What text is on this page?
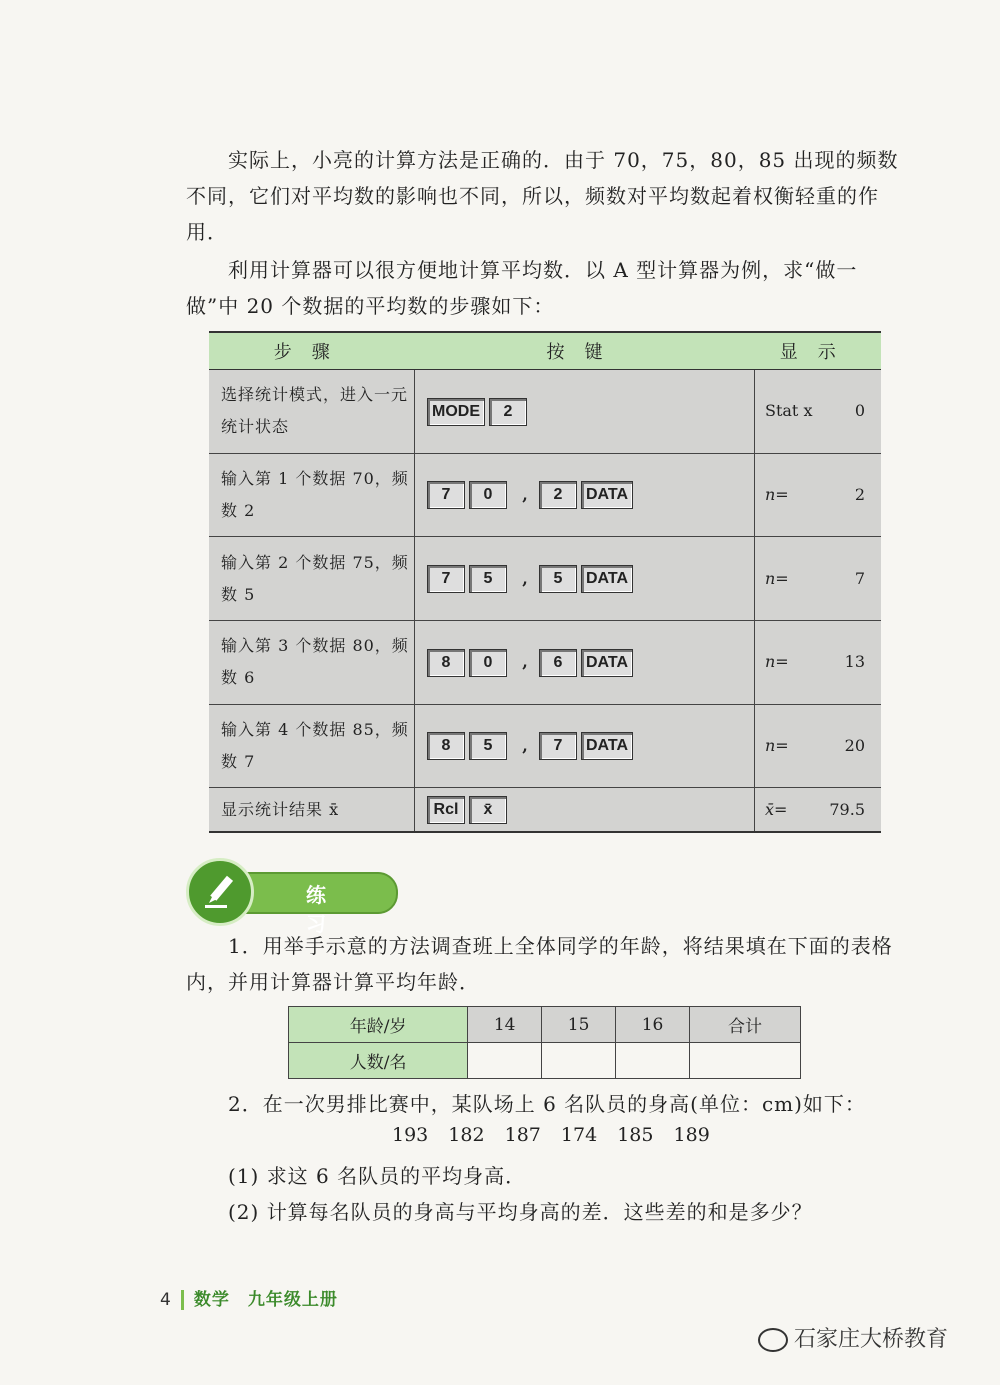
实际上，小亮的计算方法是正确的．由于 70，75，80，85 出现的频数不同，它们对平均数的影响也不同，所以，频数对平均数起着权衡轻重的作用．
利用计算器可以很方便地计算平均数．以 A 型计算器为例，求“做一做”中 20 个数据的平均数的步骤如下：
步骤	按键	显示
选择统计模式，进入一元统计状态	MODE 2	Stat x 0

输入第 1 个数据 70，频数 2	7 0 , 2 DATA	n= 2

输入第 2 个数据 75，频数 5	7 5 , 5 DATA	n= 7

输入第 3 个数据 80，频数 6	8 0 , 6 DATA	n= 13

输入第 4 个数据 85，频数 7	8 5 , 7 DATA	n= 20

显示统计结果 x̄	Rcl x̄	x̄= 79.5
练习
1．用举手示意的方法调查班上全体同学的年龄，将结果填在下面的表格内，并用计算器计算平均年龄．
年龄/岁	14	15	16	合计
人数/名				
2．在一次男排比赛中，某队场上 6 名队员的身高(单位：cm)如下：
193 182 187 174 185 189
(1) 求这 6 名队员的平均身高．
(2) 计算每名队员的身高与平均身高的差．这些差的和是多少？
4 数学　九年级上册
石家庄大桥教育
